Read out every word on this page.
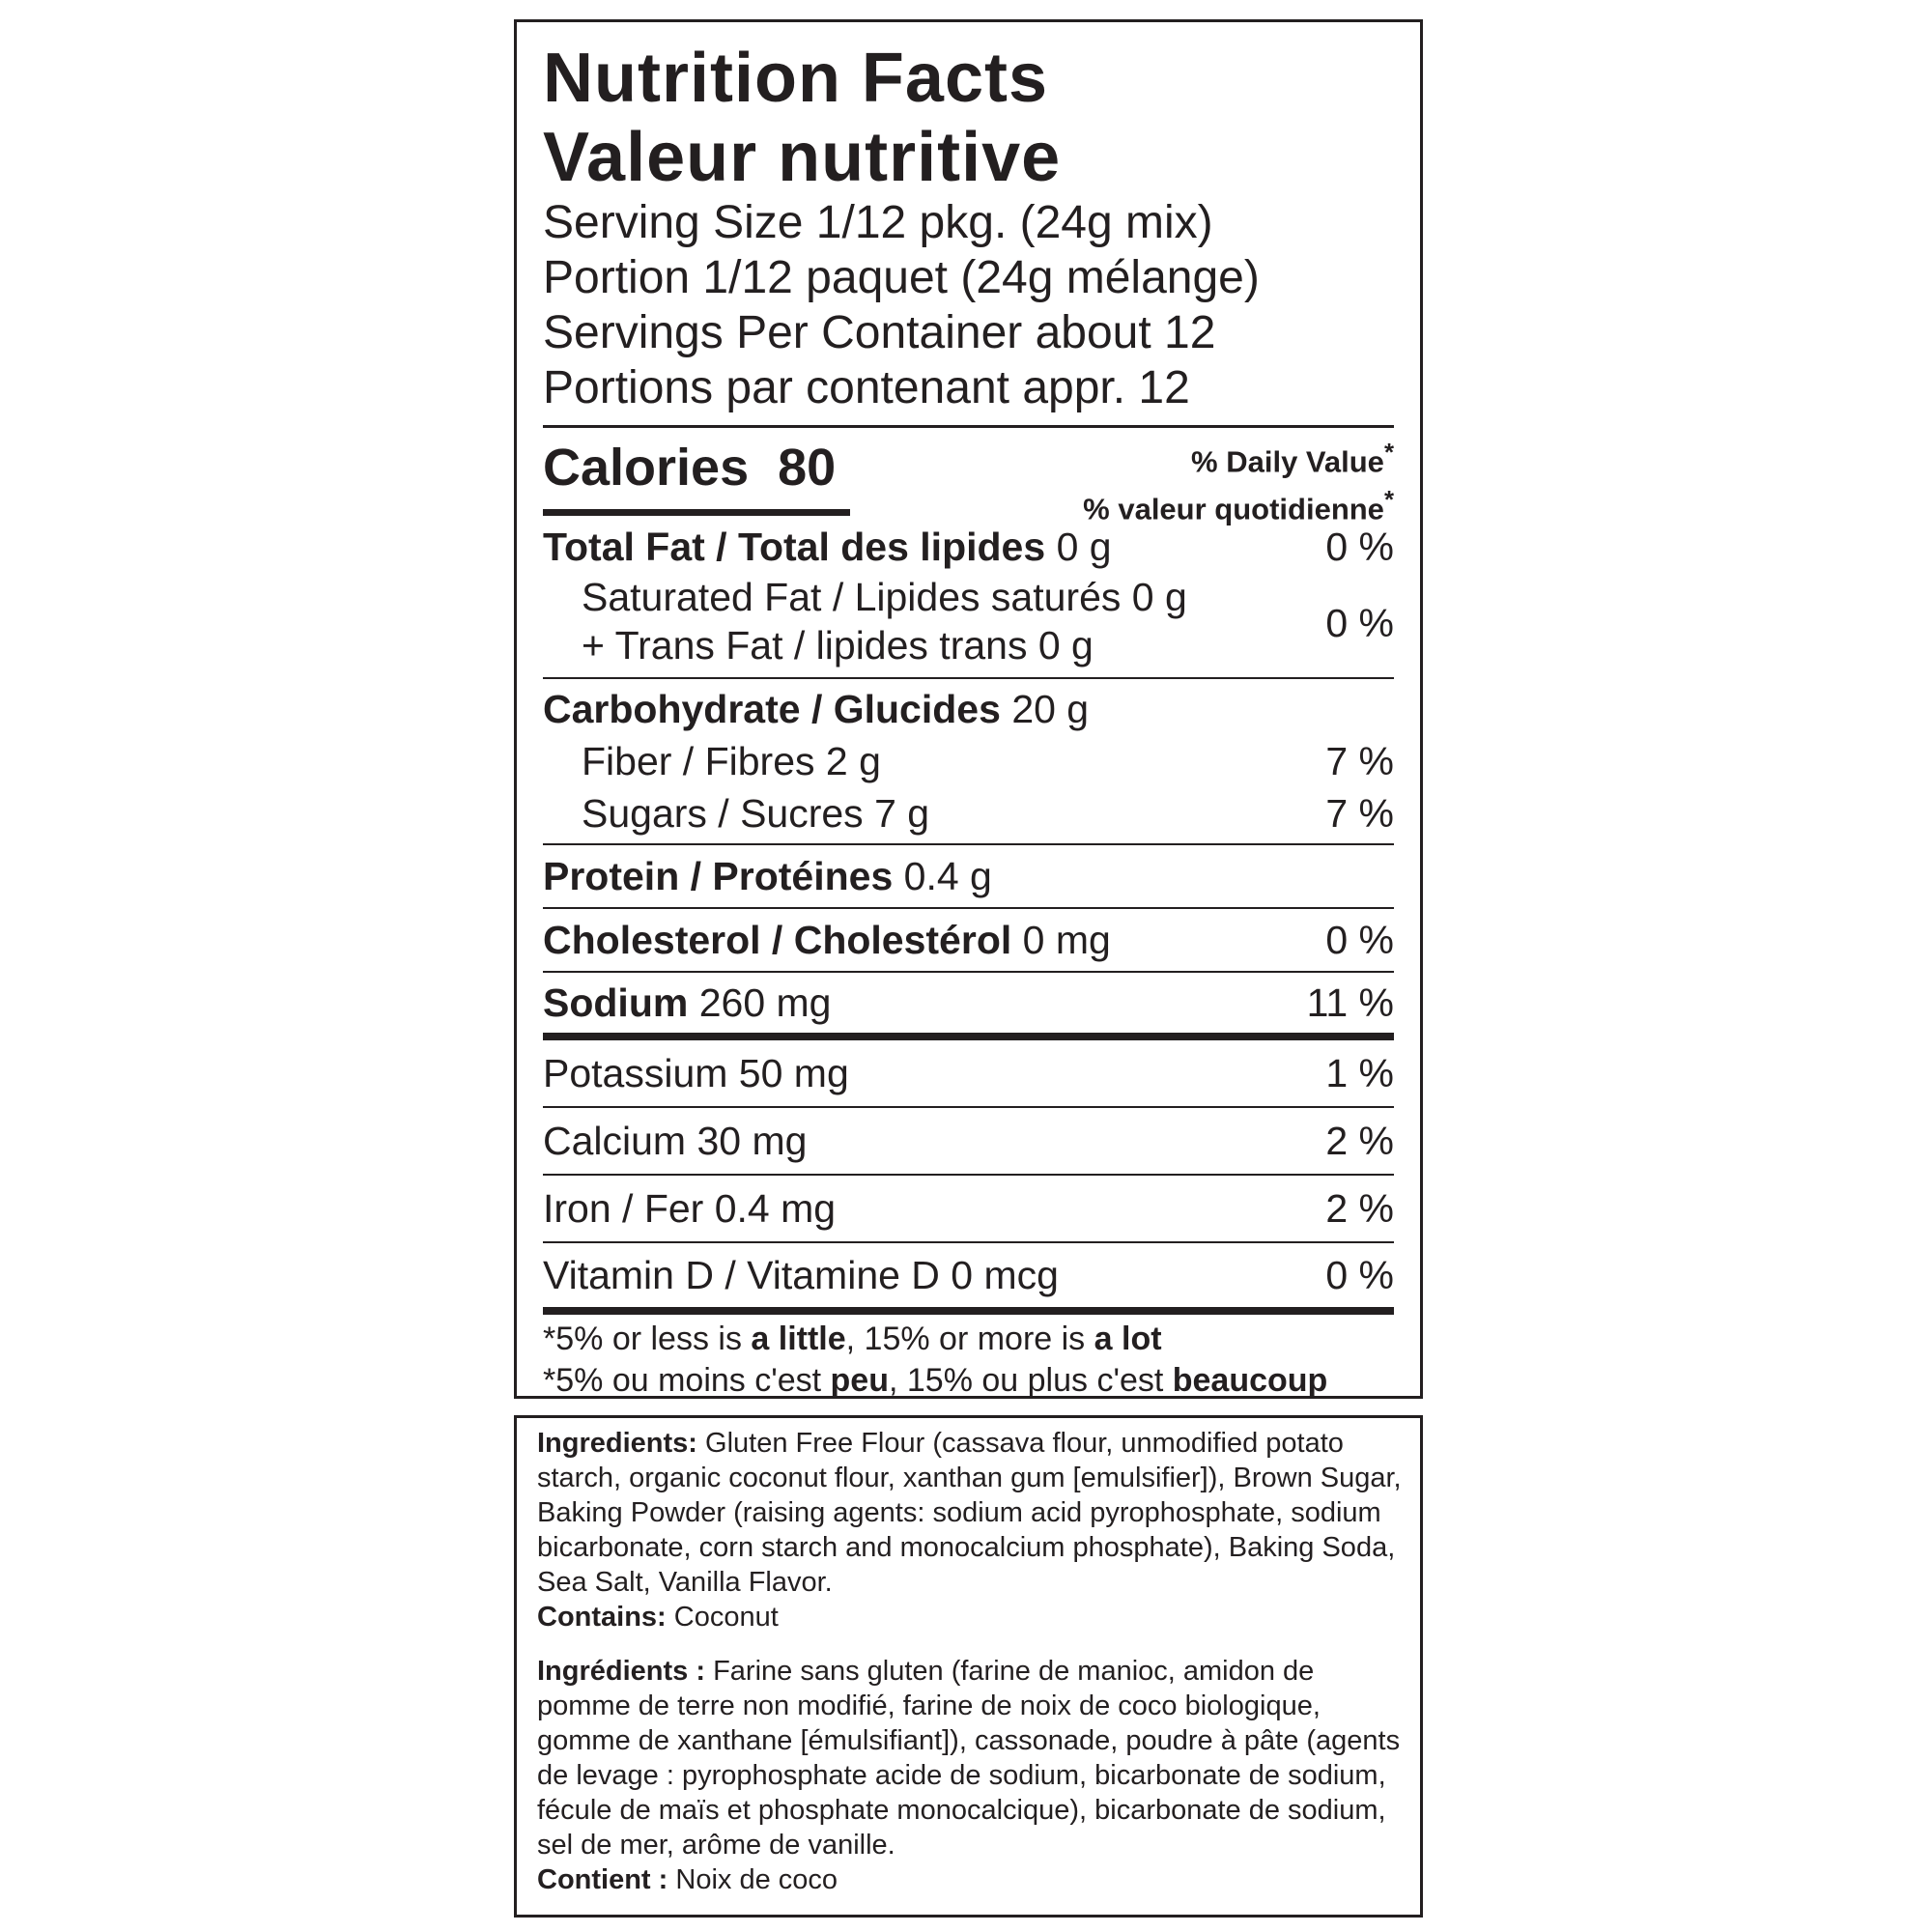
Nutrition Facts
Valeur nutritive
Serving Size 1/12 pkg. (24g mix)
Portion 1/12 paquet (24g mélange)
Servings Per Container about 12
Portions par contenant appr. 12
Calories 80	% Daily Value*
% valeur quotidienne*
Total Fat / Total des lipides 0 g	0 %
Saturated Fat / Lipides saturés 0 g
+ Trans Fat / lipides trans 0 g	0 %
Carbohydrate / Glucides 20 g
Fiber / Fibres 2 g	7 %
Sugars / Sucres 7 g	7 %
Protein / Protéines 0.4 g
Cholesterol / Cholestérol 0 mg	0 %
Sodium 260 mg	11 %
Potassium 50 mg	1 %
Calcium 30 mg	2 %
Iron / Fer 0.4 mg	2 %
Vitamin D / Vitamine D 0 mcg	0 %
*5% or less is a little, 15% or more is a lot
*5% ou moins c'est peu, 15% ou plus c'est beaucoup

Ingredients: Gluten Free Flour (cassava flour, unmodified potato starch, organic coconut flour, xanthan gum [emulsifier]), Brown Sugar, Baking Powder (raising agents: sodium acid pyrophosphate, sodium bicarbonate, corn starch and monocalcium phosphate), Baking Soda, Sea Salt, Vanilla Flavor.

Contains: Coconut

Ingrédients : Farine sans gluten (farine de manioc, amidon de pomme de terre non modifié, farine de noix de coco biologique, gomme de xanthane [émulsifiant]), cassonade, poudre à pâte (agents de levage : pyrophosphate acide de sodium, bicarbonate de sodium, fécule de maïs et phosphate monocalcique), bicarbonate de sodium, sel de mer, arôme de vanille.

Contient : Noix de coco
